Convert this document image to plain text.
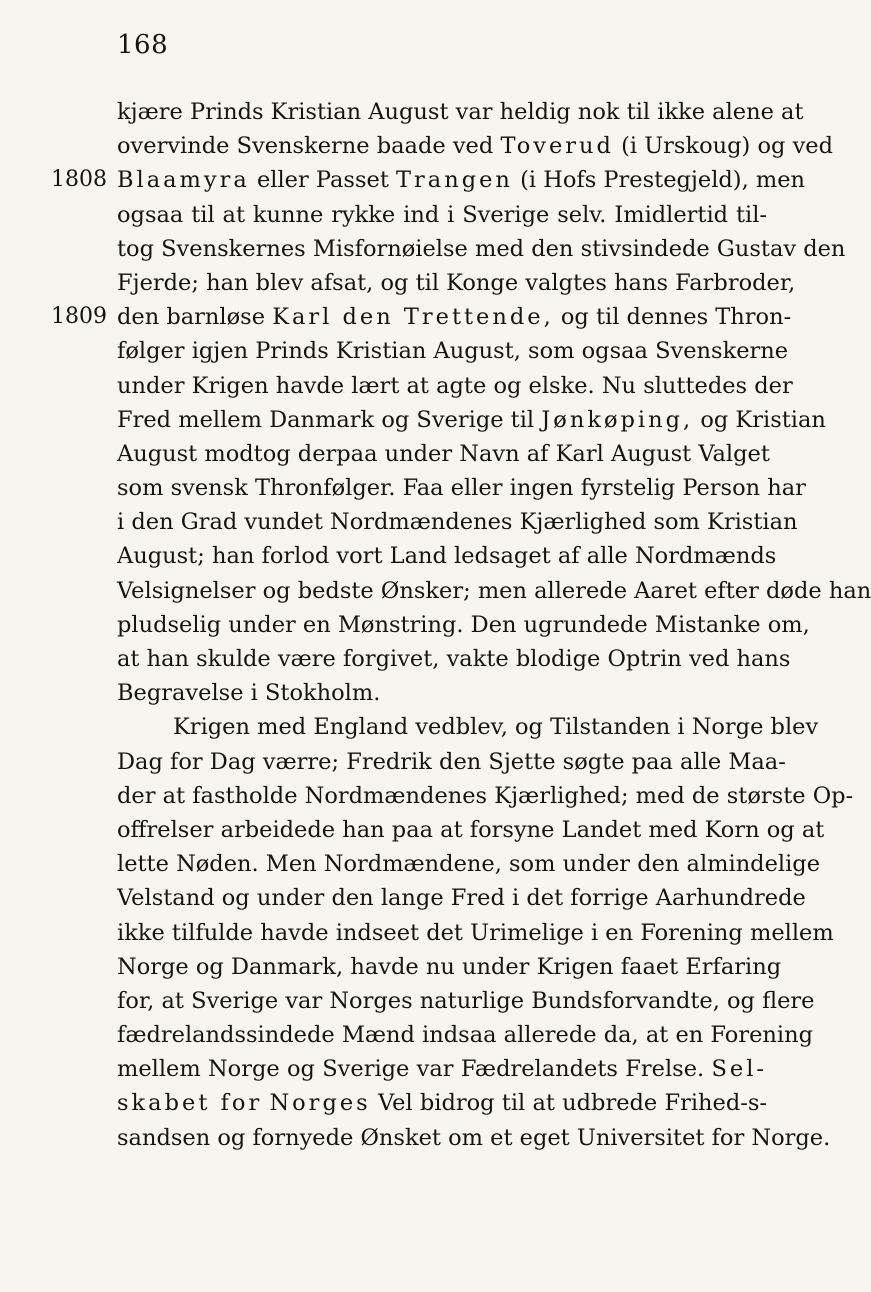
168
kjære Prinds Kristian August var heldig nok til ikke alene at
overvinde Svenskerne baade ved Toverud (i Urskoug) og ved
1808 Blaamyra eller Passet Trangen (i Hofs Prestegjeld), men
ogsaa til at kunne rykke ind i Sverige selv. Imidlertid til-
tog Svenskernes Misfornøielse med den stivsindede Gustav den
Fjerde; han blev afsat, og til Konge valgtes hans Farbroder,
1809 den barnløse Karl den Trettende, og til dennes Thron-
følger igjen Prinds Kristian August, som ogsaa Svenskerne
under Krigen havde lært at agte og elske. Nu sluttedes der
Fred mellem Danmark og Sverige til Jønkøping, og Kristian
August modtog derpaa under Navn af Karl August Valget
som svensk Thronfølger. Faa eller ingen fyrstelig Person har
i den Grad vundet Nordmændenes Kjærlighed som Kristian
August; han forlod vort Land ledsaget af alle Nordmænds
Velsignelser og bedste Ønsker; men allerede Aaret efter døde han
pludselig under en Mønstring. Den ugrundede Mistanke om,
at han skulde være forgivet, vakte blodige Optrin ved hans
Begravelse i Stokholm.
Krigen med England vedblev, og Tilstanden i Norge blev
Dag for Dag værre; Fredrik den Sjette søgte paa alle Maa-
der at fastholde Nordmændenes Kjærlighed; med de største Op-
offrelser arbeidede han paa at forsyne Landet med Korn og at
lette Nøden. Men Nordmændene, som under den almindelige
Velstand og under den lange Fred i det forrige Aarhundrede
ikke tilfulde havde indseet det Urimelige i en Forening mellem
Norge og Danmark, havde nu under Krigen faaet Erfaring
for, at Sverige var Norges naturlige Bundsforvandte, og flere
fædrelandssindede Mænd indsaa allerede da, at en Forening
mellem Norge og Sverige var Fædrelandets Frelse. Sel-
skabet for Norges Vel bidrog til at udbrede Frihed-s-
sandsen og fornyede Ønsket om et eget Universitet for Norge.
